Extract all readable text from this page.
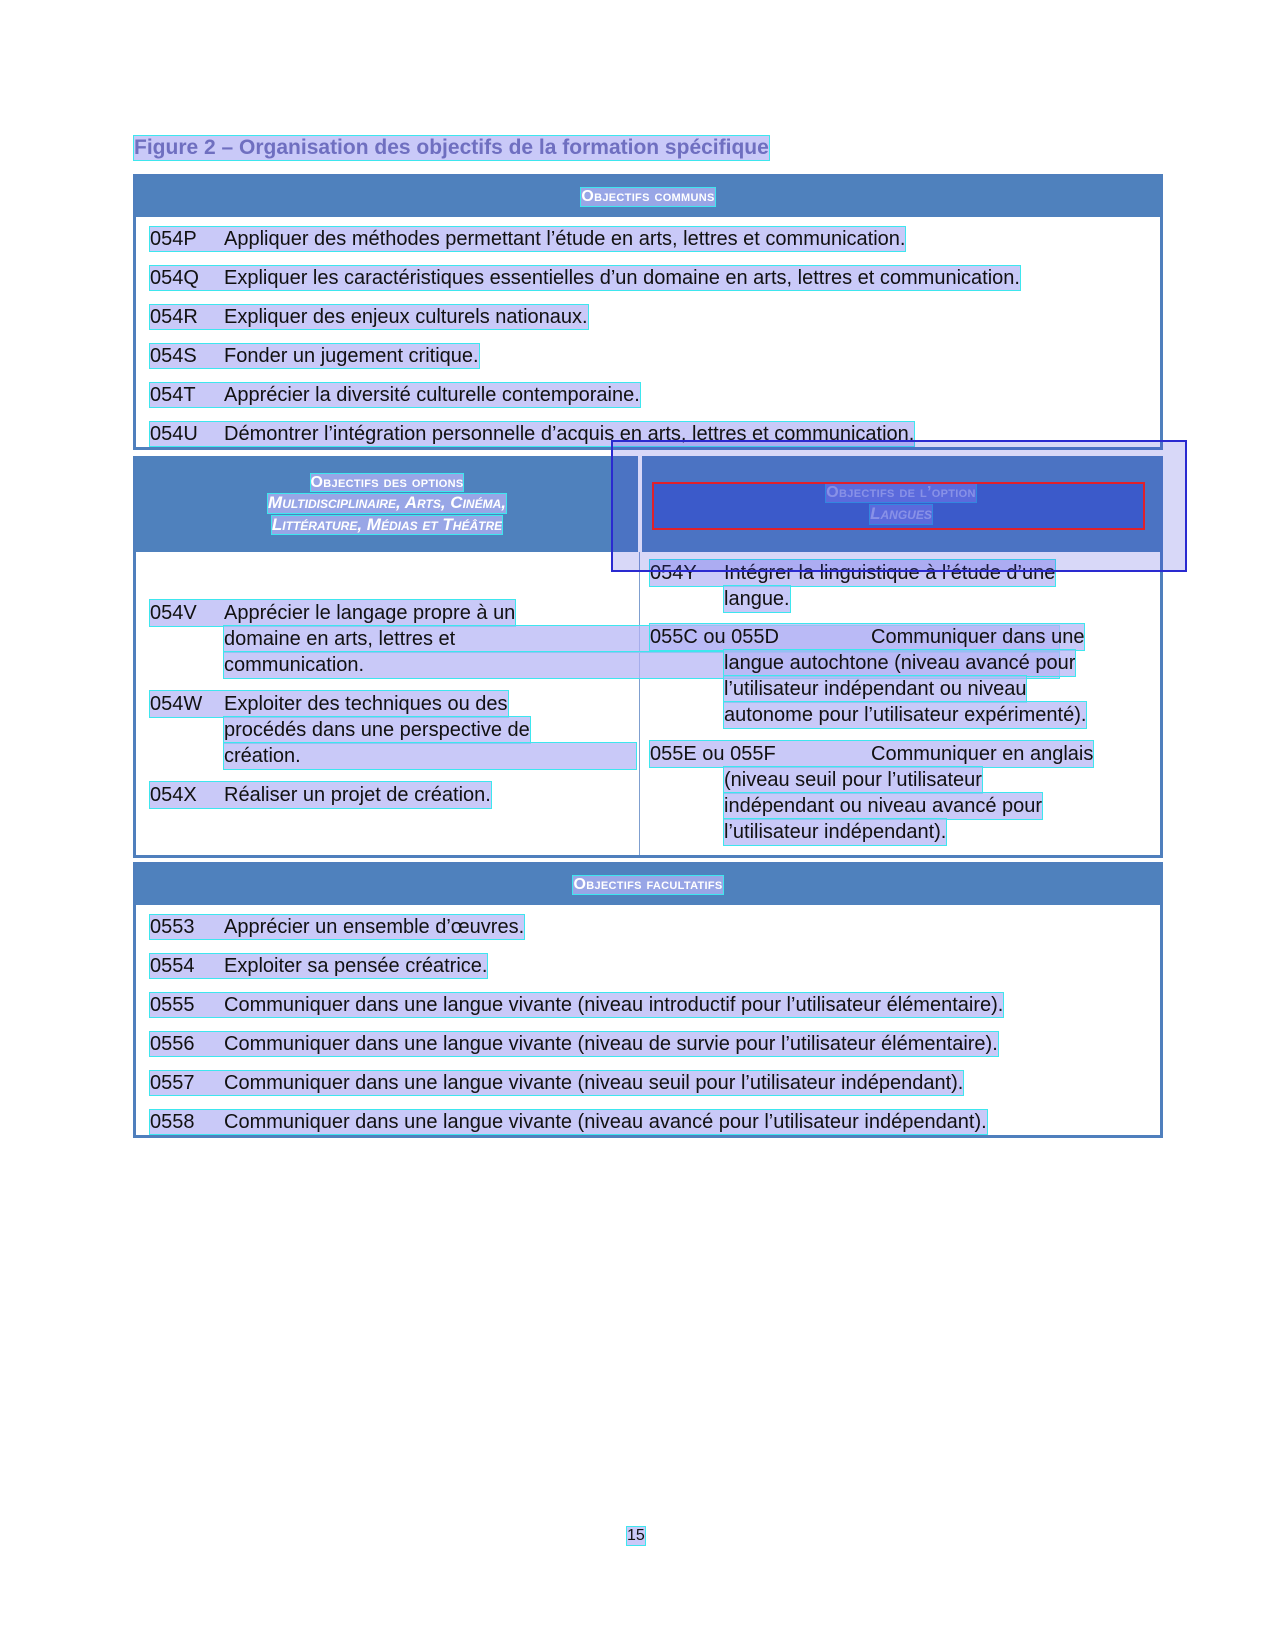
Figure 2 – Organisation des objectifs de la formation spécifique
Objectifs communs
054P Appliquer des méthodes permettant l’étude en arts, lettres et communication.
054Q Expliquer les caractéristiques essentielles d’un domaine en arts, lettres et communication.
054R Expliquer des enjeux culturels nationaux.
054S Fonder un jugement critique.
054T Apprécier la diversité culturelle contemporaine.
054U Démontrer l’intégration personnelle d’acquis en arts, lettres et communication.
Objectifs des options
Multidisciplinaire, Arts, Cinéma,
Littérature, Médias et Théâtre
Objectifs de l’option
Langues
054V Apprécier le langage propre à un
domaine en arts, lettres et
communication.
054W Exploiter des techniques ou des
procédés dans une perspective de
création.
054X Réaliser un projet de création.
054Y Intégrer la linguistique à l’étude d’une
langue.
055C ou 055D	Communiquer dans une
langue autochtone (niveau avancé pour
l’utilisateur indépendant ou niveau
autonome pour l’utilisateur expérimenté).
055E ou 055F	Communiquer en anglais
(niveau seuil pour l’utilisateur
indépendant ou niveau avancé pour
l’utilisateur indépendant).
Objectifs facultatifs
0553 Apprécier un ensemble d’œuvres.
0554 Exploiter sa pensée créatrice.
0555 Communiquer dans une langue vivante (niveau introductif pour l’utilisateur élémentaire).
0556 Communiquer dans une langue vivante (niveau de survie pour l’utilisateur élémentaire).
0557 Communiquer dans une langue vivante (niveau seuil pour l’utilisateur indépendant).
0558 Communiquer dans une langue vivante (niveau avancé pour l’utilisateur indépendant).
15
